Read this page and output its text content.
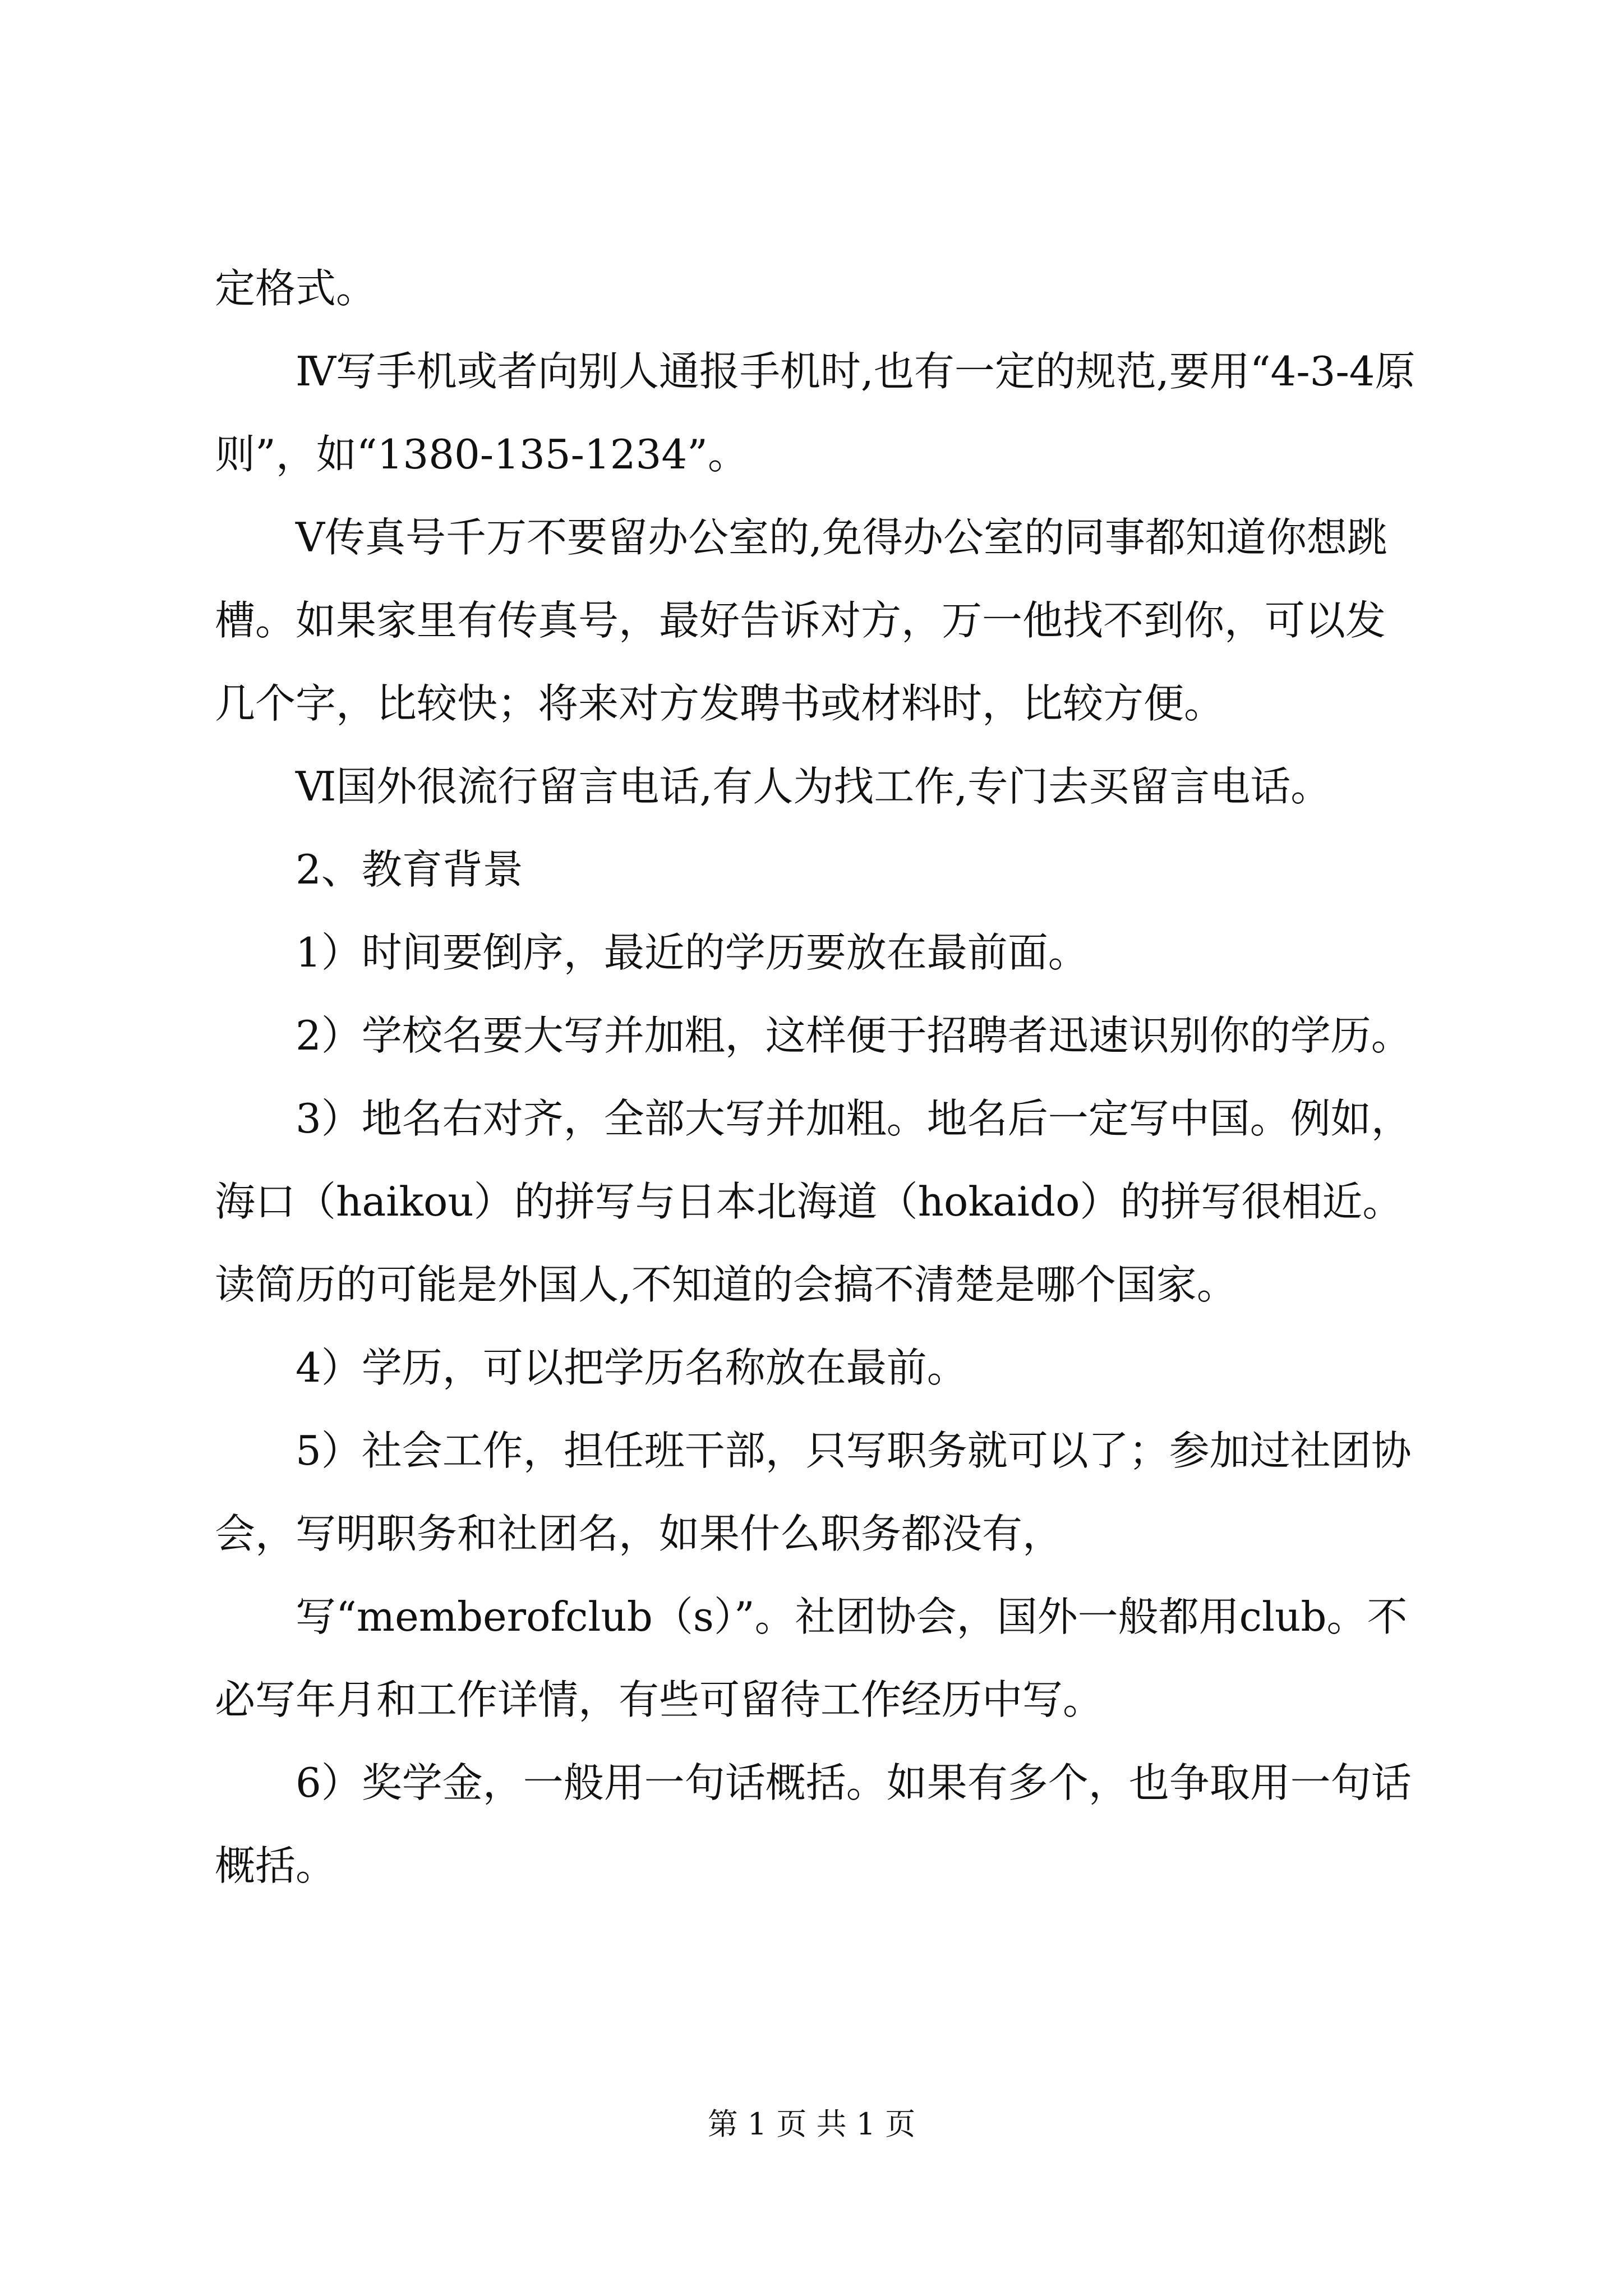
定格式。

Ⅳ写手机或者向别人通报手机时,也有一定的规范,要用“4-3-4原则”，如“1380-135-1234”。

Ⅴ传真号千万不要留办公室的,免得办公室的同事都知道你想跳槽。如果家里有传真号，最好告诉对方，万一他找不到你，可以发几个字，比较快；将来对方发聘书或材料时，比较方便。

Ⅵ国外很流行留言电话,有人为找工作,专门去买留言电话。

2、教育背景

1）时间要倒序，最近的学历要放在最前面。

2）学校名要大写并加粗，这样便于招聘者迅速识别你的学历。

3）地名右对齐，全部大写并加粗。地名后一定写中国。例如，海口（haikou）的拼写与日本北海道（hokaido）的拼写很相近。读简历的可能是外国人,不知道的会搞不清楚是哪个国家。

4）学历，可以把学历名称放在最前。

5）社会工作，担任班干部，只写职务就可以了；参加过社团协会，写明职务和社团名，如果什么职务都没有，

写“memberofclub（s）”。社团协会，国外一般都用club。不必写年月和工作详情，有些可留待工作经历中写。

6）奖学金，一般用一句话概括。如果有多个，也争取用一句话概括。

第 1 页 共 1 页
